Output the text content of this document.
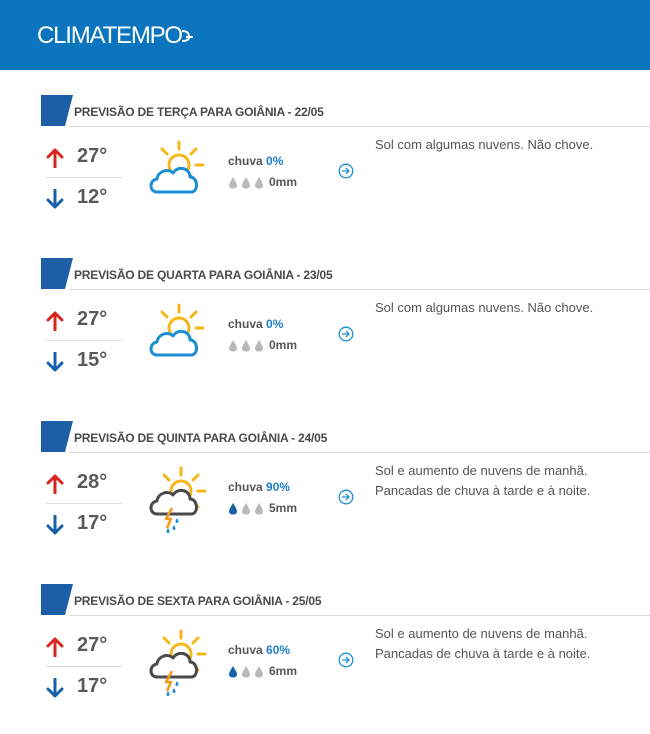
CLIMATEMPO
PREVISÃO DE TERÇA PARA GOIÂNIA - 22/05
27°
12°
chuva 0%
0mm
Sol com algumas nuvens. Não chove.
PREVISÃO DE QUARTA PARA GOIÂNIA - 23/05
27°
15°
chuva 0%
0mm
Sol com algumas nuvens. Não chove.
PREVISÃO DE QUINTA PARA GOIÂNIA - 24/05
28°
17°
chuva 90%
5mm
Sol e aumento de nuvens de manhã. Pancadas de chuva à tarde e à noite.
PREVISÃO DE SEXTA PARA GOIÂNIA - 25/05
27°
17°
chuva 60%
6mm
Sol e aumento de nuvens de manhã. Pancadas de chuva à tarde e à noite.
